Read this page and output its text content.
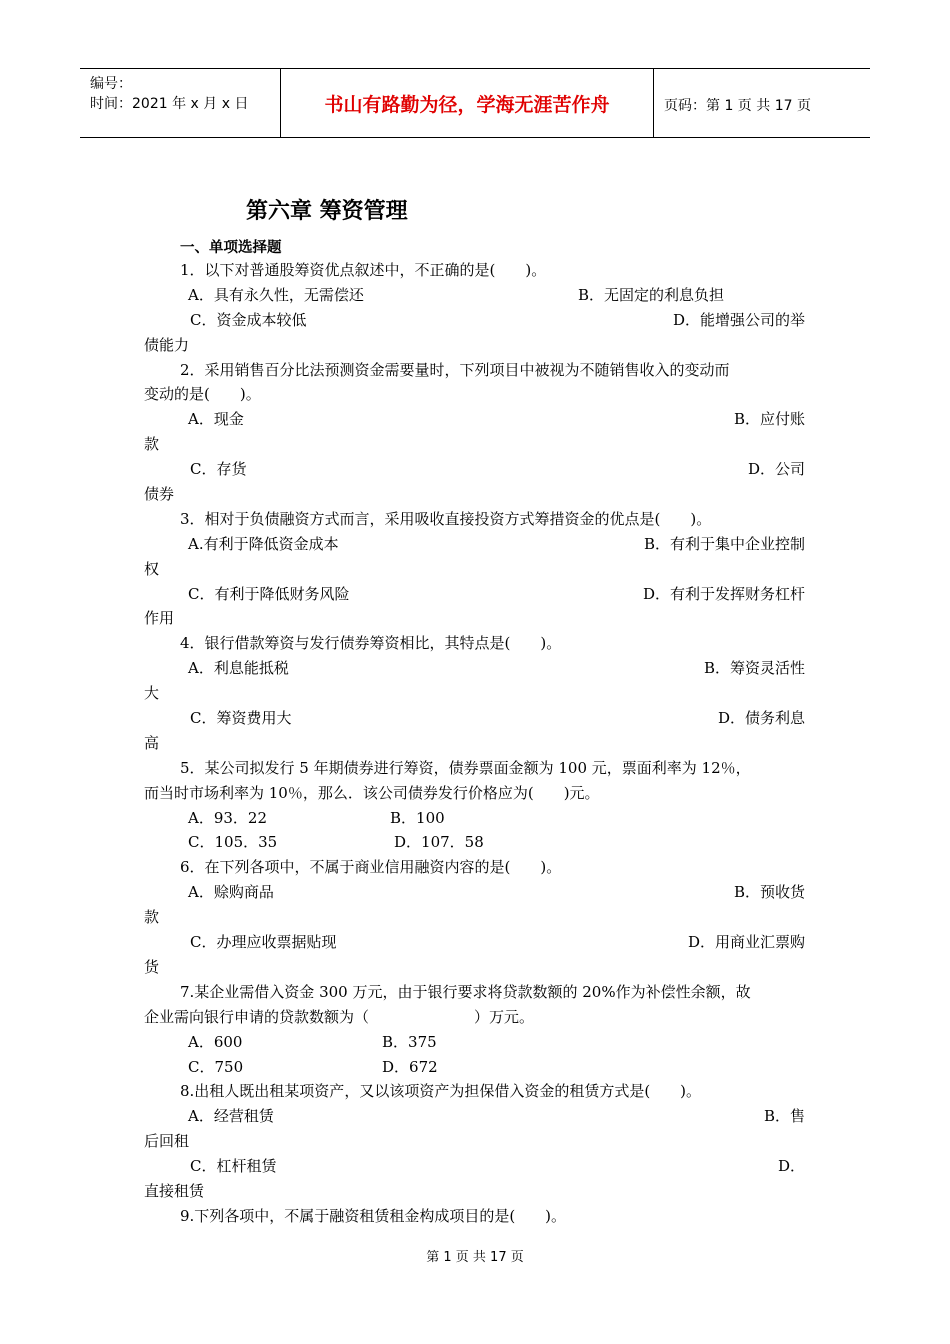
编号：
时间：2021 年 x 月 x 日	书山有路勤为径，学海无涯苦作舟	页码：第 1 页 共 17 页
第六章 筹资管理
一、单项选择题
1．以下对普通股筹资优点叙述中，不正确的是(　　)。
A．具有永久性，无需偿还	B．无固定的利息负担
C．资金成本较低	D．能增强公司的举
债能力
2．采用销售百分比法预测资金需要量时，下列项目中被视为不随销售收入的变动而
变动的是(　　)。
A．现金	B．应付账
款
C．存货	D．公司
债券
3．相对于负债融资方式而言，采用吸收直接投资方式筹措资金的优点是(　　)。
A.有利于降低资金成本	B．有利于集中企业控制
权
C．有利于降低财务风险	D．有利于发挥财务杠杆
作用
4．银行借款筹资与发行债券筹资相比，其特点是(　　)。
A．利息能抵税	B．筹资灵活性
大
C．筹资费用大	D．债务利息
高
5．某公司拟发行 5 年期债券进行筹资，债券票面金额为 100 元，票面利率为 12％，
而当时市场利率为 10％，那么．该公司债券发行价格应为(　　)元。
A．93．22	B．100
C．105．35	D．107．58
6．在下列各项中，不属于商业信用融资内容的是(　　)。
A．赊购商品	B．预收货
款
C．办理应收票据贴现	D．用商业汇票购
货
7.某企业需借入资金 300 万元，由于银行要求将贷款数额的 20%作为补偿性余额，故
企业需向银行申请的贷款数额为（　　　　　　　）万元。
A．600	B．375
C．750	D．672
8.出租人既出租某项资产，又以该项资产为担保借入资金的租赁方式是(　　)。
A．经营租赁	B．售
后回租
C．杠杆租赁	D．
直接租赁
9.下列各项中，不属于融资租赁租金构成项目的是(　　)。
第 1 页 共 17 页
